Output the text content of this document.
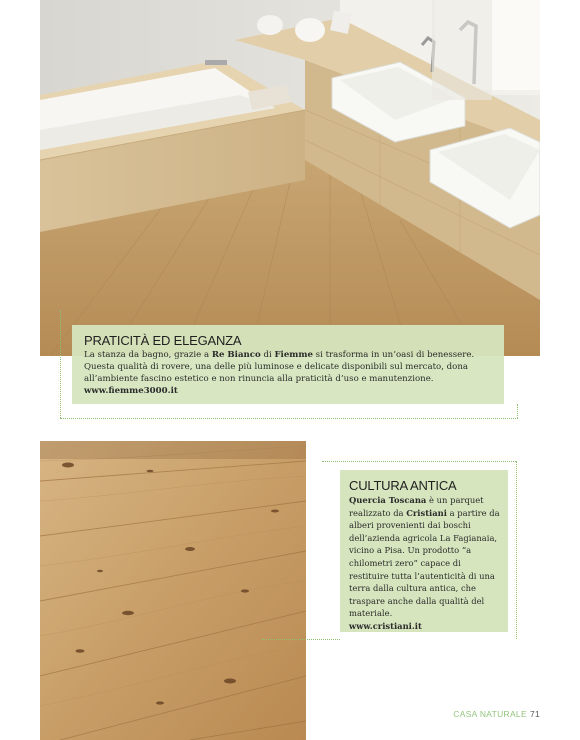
PRATICITÀ ED ELEGANZA

La stanza da bagno, grazie a Re Bianco di Fiemme si trasforma in un’oasi di benessere. Questa qualità di rovere, una delle più luminose e delicate disponibili sul mercato, dona all’ambiente fascino estetico e non rinuncia alla praticità d’uso e manutenzione.
www.fiemme3000.it

CULTURA ANTICA

Quercia Toscana è un parquet realizzato da Cristiani a partire da alberi provenienti dai boschi dell’azienda agricola La Fagianaia, vicino a Pisa. Un prodotto “a chilometri zero” capace di restituire tutta l’autenticità di una terra dalla cultura antica, che traspare anche dalla qualità del materiale.
www.cristiani.it

CASA NATURALE 71
